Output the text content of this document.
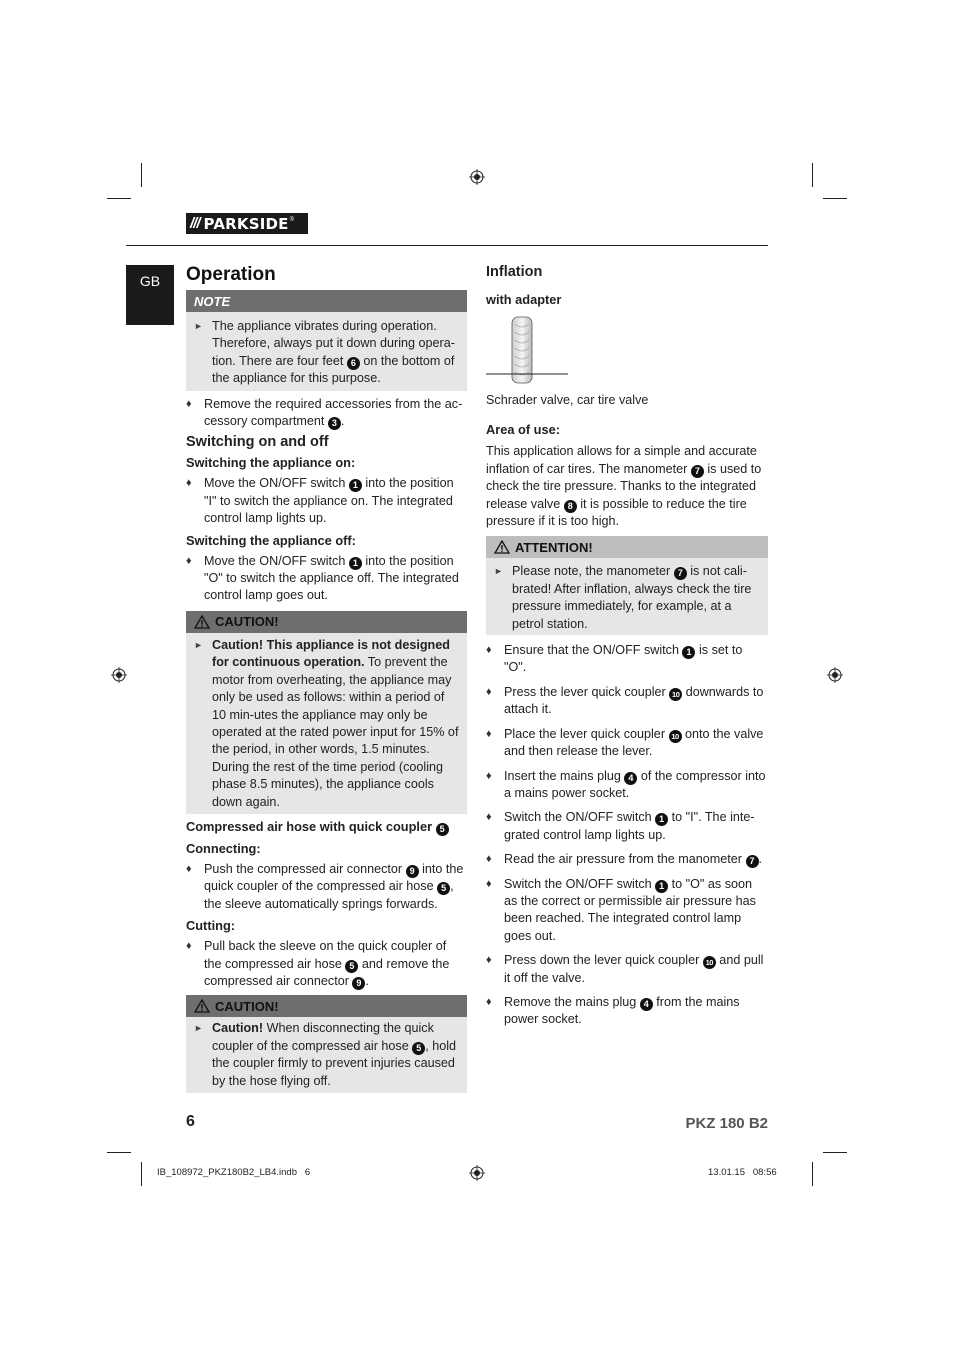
/// PARKSIDE ®
GB	Operation
NOTE
► The appliance vibrates during operation. Therefore, always put it down during opera-tion. There are four feet 6 on the bottom of the appliance for this purpose.
♦ Remove the required accessories from the ac-cessory compartment 3 .
Switching on and off
Switching the appliance on:
♦ Move the ON/OFF switch 1 into the position "I" to switch the appliance on. The integrated control lamp lights up.
Switching the appliance off:
♦ Move the ON/OFF switch 1 into the position "O" to switch the appliance off. The integrated control lamp goes out.
CAUTION!
► Caution! This appliance is not designed for continuous operation. To prevent the motor from overheating, the appliance may only be used as follows: within a period of 10 min-utes the appliance may only be operated at the rated power input for 15% of the period, in other words, 1.5 minutes. During the rest of the time period (cooling phase 8.5 minutes), the appliance cools down again.
Compressed air hose with quick coupler 5
Connecting:
♦ Push the compressed air connector 9 into the quick coupler of the compressed air hose 5 , the sleeve automatically springs forwards.
Cutting:
♦ Pull back the sleeve on the quick coupler of the compressed air hose 5 and remove the compressed air connector 9 .
CAUTION!
► Caution! When disconnecting the quick coupler of the compressed air hose 5 , hold the coupler firmly to prevent injuries caused by the hose flying off.
Inflation
with adapter
Schrader valve, car tire valve
Area of use:
This application allows for a simple and accurate inflation of car tires. The manometer 7 is used to check the tire pressure. Thanks to the integrated release valve 8 it is possible to reduce the tire pressure if it is too high.
ATTENTION!
► Please note, the manometer 7 is not cali-brated! After inflation, always check the tire pressure immediately, for example, at a petrol station.
♦ Ensure that the ON/OFF switch 1 is set to "O".
♦ Press the lever quick coupler 10 downwards to attach it.
♦ Place the lever quick coupler 10 onto the valve and then release the lever.
♦ Insert the mains plug 4 of the compressor into a mains power socket.
♦ Switch the ON/OFF switch 1 to "I". The inte-grated control lamp lights up.
♦ Read the air pressure from the manometer 7 .
♦ Switch the ON/OFF switch 1 to "O" as soon as the correct or permissible air pressure has been reached. The integrated control lamp goes out.
♦ Press down the lever quick coupler 10 and pull it off the valve.
♦ Remove the mains plug 4 from the mains power socket.
6	PKZ 180 B2
IB_108972_PKZ180B2_LB4.indb   6	13.01.15   08:56
